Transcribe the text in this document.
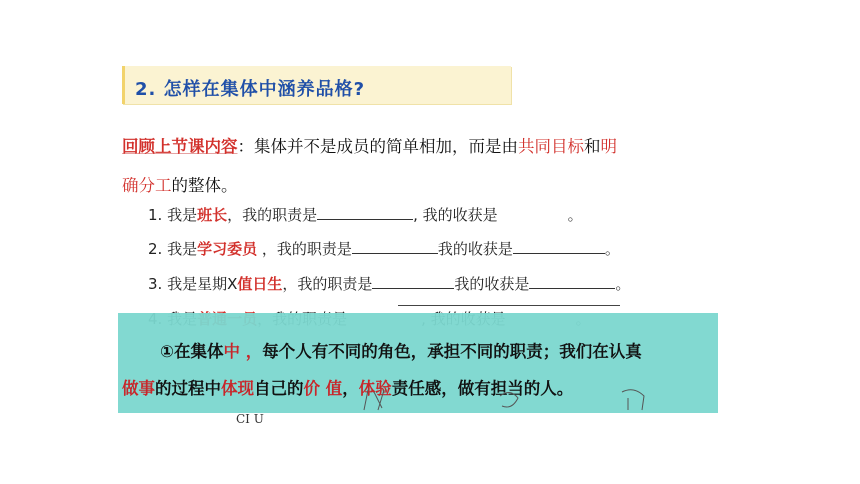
2. 怎样在集体中涵养品格?
回顾上节课内容：集体并不是成员的简单相加，而是由共同目标和明
确分工的整体。
1. 我是班长，我的职责是	, 我的收获是	。
2. 我是学习委员 ，我的职责是	我的收获是	。
3. 我是星期X值日生，我的职责是	我的收获是	。
①在集体中 ，每个人有不同的角色，承担不同的职责；我们在认真
做事的过程中体现自己的价 值，体验责任感，做有担当的人。
CI U
